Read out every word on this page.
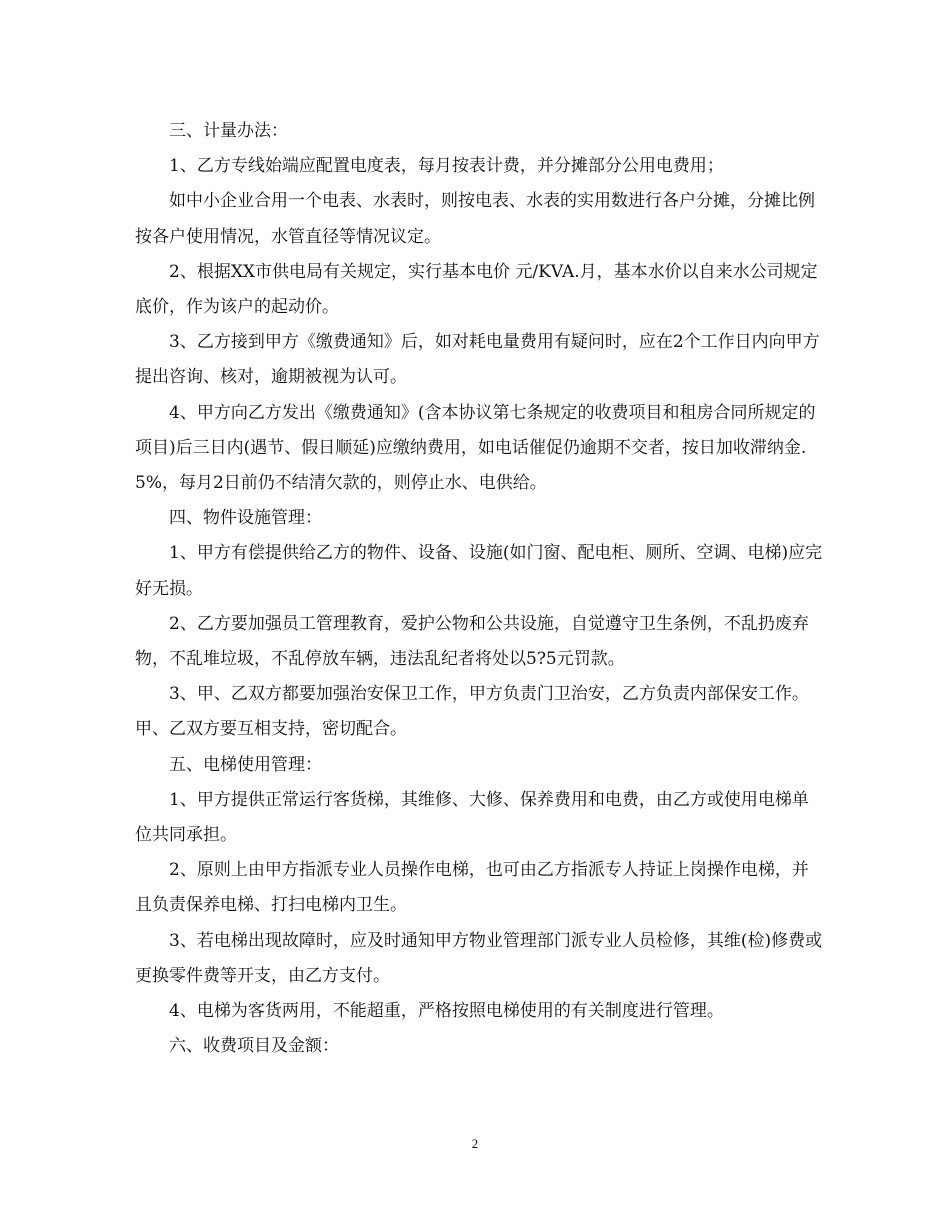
三、计量办法：

1、乙方专线始端应配置电度表，每月按表计费，并分摊部分公用电费用；

如中小企业合用一个电表、水表时，则按电表、水表的实用数进行各户分摊，分摊比例按各户使用情况，水管直径等情况议定。

2、根据XX市供电局有关规定，实行基本电价 元/KVA.月，基本水价以自来水公司规定底价，作为该户的起动价。

3、乙方接到甲方《缴费通知》后，如对耗电量费用有疑问时，应在2个工作日内向甲方提出咨询、核对，逾期被视为认可。

4、甲方向乙方发出《缴费通知》(含本协议第七条规定的收费项目和租房合同所规定的项目)后三日内(遇节、假日顺延)应缴纳费用，如电话催促仍逾期不交者，按日加收滞纳金.5%，每月2日前仍不结清欠款的，则停止水、电供给。

四、物件设施管理：

1、甲方有偿提供给乙方的物件、设备、设施(如门窗、配电柜、厕所、空调、电梯)应完好无损。

2、乙方要加强员工管理教育，爱护公物和公共设施，自觉遵守卫生条例，不乱扔废弃物，不乱堆垃圾，不乱停放车辆，违法乱纪者将处以5?5元罚款。

3、甲、乙双方都要加强治安保卫工作，甲方负责门卫治安，乙方负责内部保安工作。甲、乙双方要互相支持，密切配合。

五、电梯使用管理：

1、甲方提供正常运行客货梯，其维修、大修、保养费用和电费，由乙方或使用电梯单位共同承担。

2、原则上由甲方指派专业人员操作电梯，也可由乙方指派专人持证上岗操作电梯，并且负责保养电梯、打扫电梯内卫生。

3、若电梯出现故障时，应及时通知甲方物业管理部门派专业人员检修，其维(检)修费或更换零件费等开支，由乙方支付。

4、电梯为客货两用，不能超重，严格按照电梯使用的有关制度进行管理。

六、收费项目及金额：

2
